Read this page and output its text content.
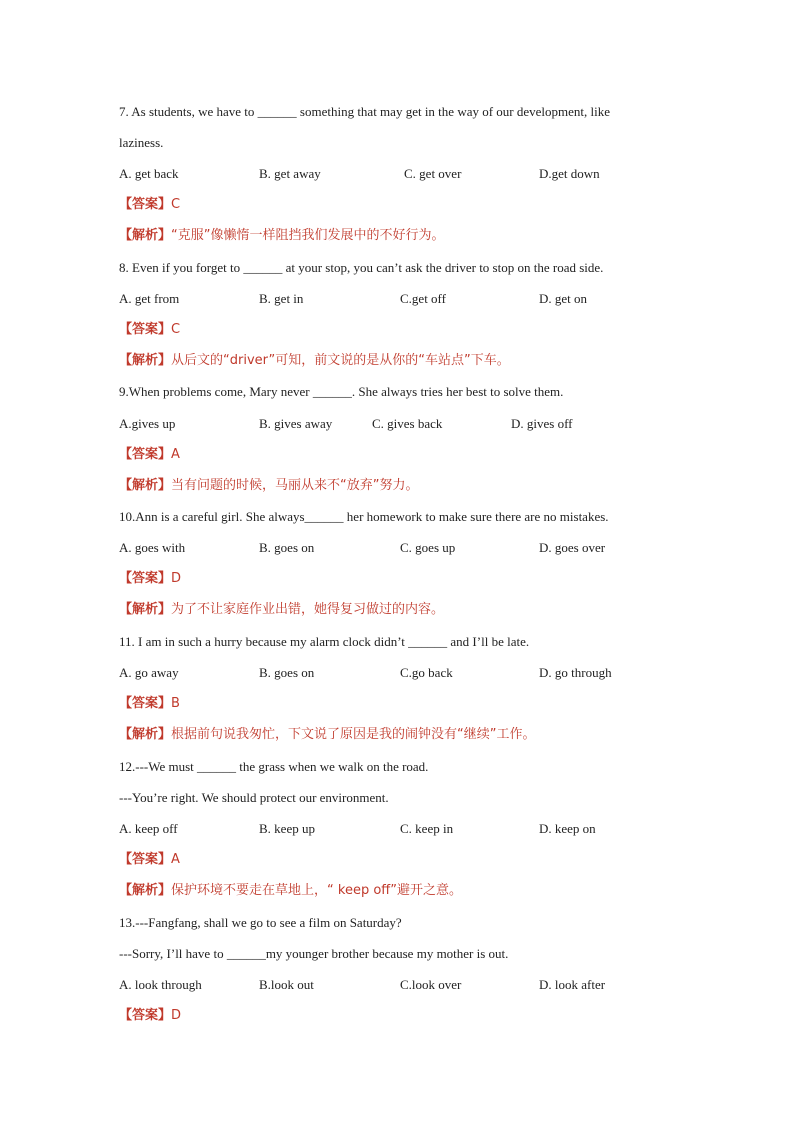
7. As students, we have to ______ something that may get in the way of our development, like
laziness.
A. get back	B. get away	C. get over	D.get down
【答案】C
【解析】“克服”像懒惰一样阻挡我们发展中的不好行为。
8. Even if you forget to ______ at your stop, you can’t ask the driver to stop on the road side.
A. get from	B. get in	C.get off	D. get on
【答案】C
【解析】从后文的“driver”可知，前文说的是从你的“车站点”下车。
9.When problems come, Mary never ______. She always tries her best to solve them.
A.gives up	B. gives away	C. gives back	D. gives off
【答案】A
【解析】当有问题的时候，马丽从来不“放弃”努力。
10.Ann is a careful girl. She always______ her homework to make sure there are no mistakes.
A. goes with	B. goes on	C. goes up	D. goes over
【答案】D
【解析】为了不让家庭作业出错，她得复习做过的内容。
11. I am in such a hurry because my alarm clock didn’t ______ and I’ll be late.
A. go away	B. goes on	C.go back	D. go through
【答案】B
【解析】根据前句说我匆忙，下文说了原因是我的闹钟没有“继续”工作。
12.---We must ______ the grass when we walk on the road.
---You’re right. We should protect our environment.
A. keep off	B. keep up	C. keep in	D. keep on
【答案】A
【解析】保护环境不要走在草地上，“ keep off”避开之意。
13.---Fangfang, shall we go to see a film on Saturday?
---Sorry, I’ll have to ______my younger brother because my mother is out.
A. look through	B.look out	C.look over	D. look after
【答案】D
